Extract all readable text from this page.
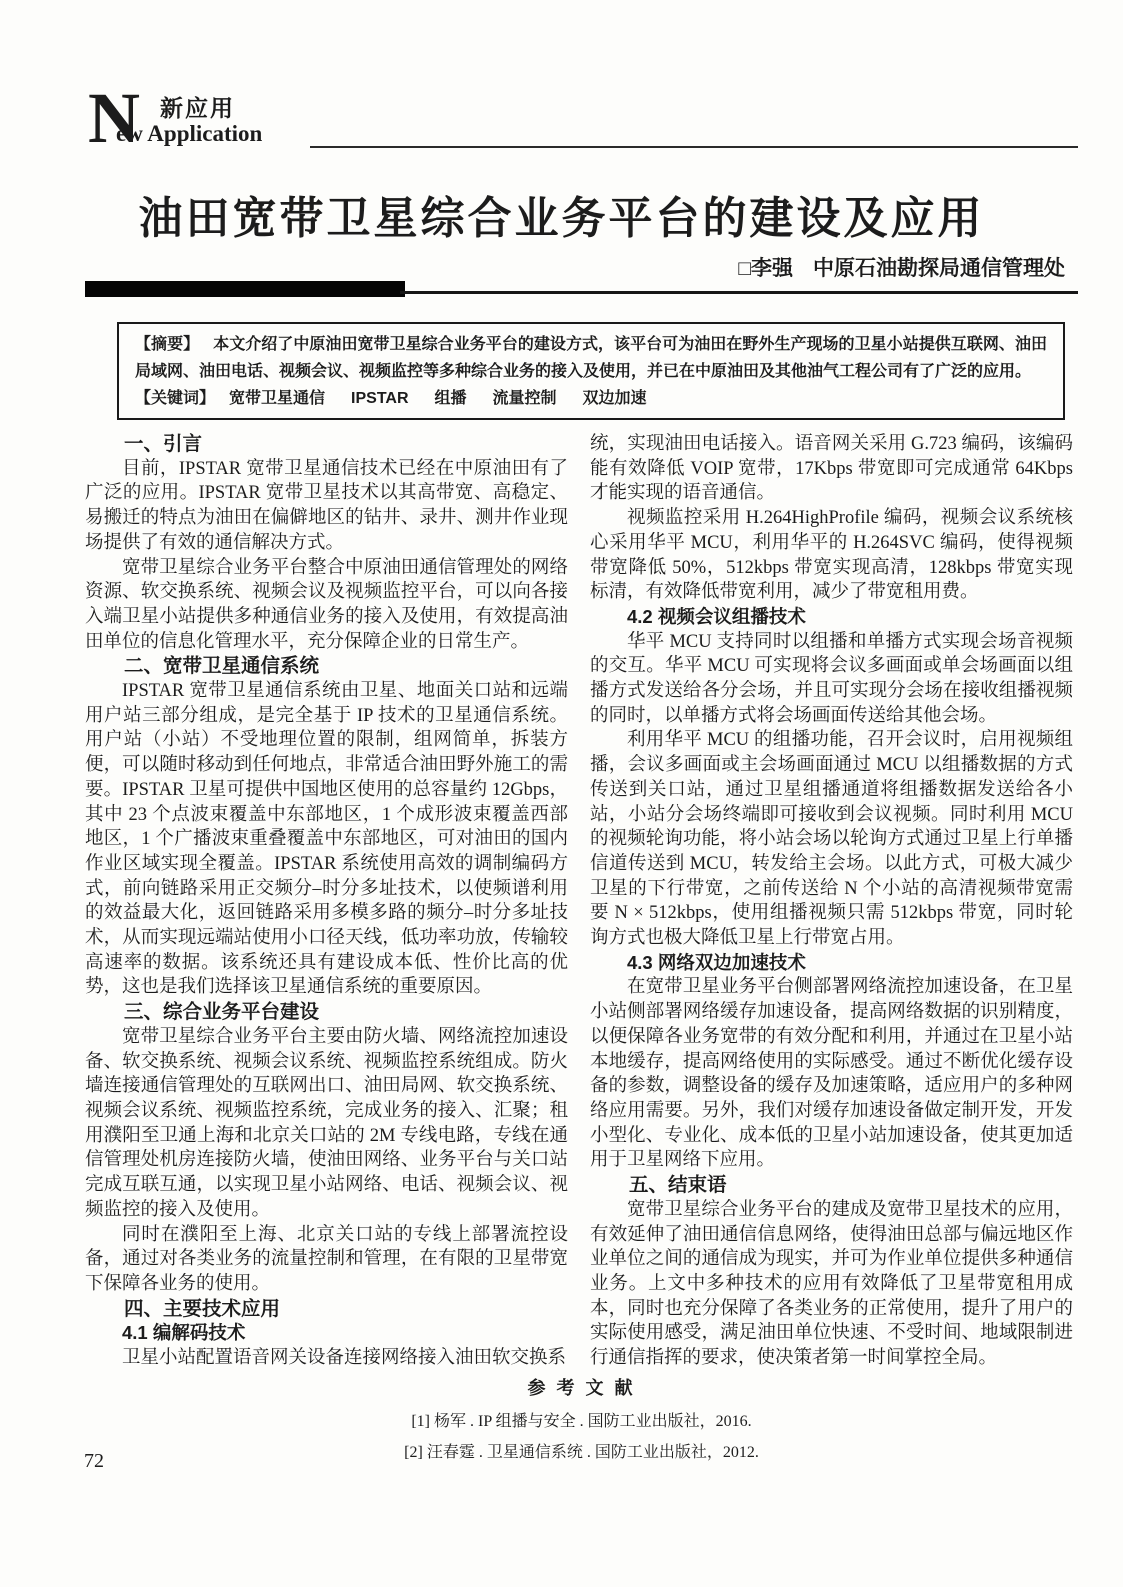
N 新应用
ew Application
油田宽带卫星综合业务平台的建设及应用
□李强 中原石油勘探局通信管理处
【摘要】 本文介绍了中原油田宽带卫星综合业务平台的建设方式，该平台可为油田在野外生产现场的卫星小站提供互联网、油田局域网、油田电话、视频会议、视频监控等多种综合业务的接入及使用，并已在中原油田及其他油气工程公司有了广泛的应用。
【关键词】 宽带卫星通信 IPSTAR 组播 流量控制 双边加速
一、引言

目前，IPSTAR 宽带卫星通信技术已经在中原油田有了广泛的应用。IPSTAR 宽带卫星技术以其高带宽、高稳定、易搬迁的特点为油田在偏僻地区的钻井、录井、测井作业现场提供了有效的通信解决方式。

宽带卫星综合业务平台整合中原油田通信管理处的网络资源、软交换系统、视频会议及视频监控平台，可以向各接入端卫星小站提供多种通信业务的接入及使用，有效提高油田单位的信息化管理水平，充分保障企业的日常生产。

二、宽带卫星通信系统

IPSTAR 宽带卫星通信系统由卫星、地面关口站和远端用户站三部分组成，是完全基于 IP 技术的卫星通信系统。用户站（小站）不受地理位置的限制，组网简单，拆装方便，可以随时移动到任何地点，非常适合油田野外施工的需要。IPSTAR 卫星可提供中国地区使用的总容量约 12Gbps，其中 23 个点波束覆盖中东部地区，1 个成形波束覆盖西部地区，1 个广播波束重叠覆盖中东部地区，可对油田的国内作业区域实现全覆盖。IPSTAR 系统使用高效的调制编码方式，前向链路采用正交频分–时分多址技术，以使频谱利用的效益最大化，返回链路采用多模多路的频分–时分多址技术，从而实现远端站使用小口径天线，低功率功放，传输较高速率的数据。该系统还具有建设成本低、性价比高的优势，这也是我们选择该卫星通信系统的重要原因。

三、综合业务平台建设

宽带卫星综合业务平台主要由防火墙、网络流控加速设备、软交换系统、视频会议系统、视频监控系统组成。防火墙连接通信管理处的互联网出口、油田局网、软交换系统、视频会议系统、视频监控系统，完成业务的接入、汇聚；租用濮阳至卫通上海和北京关口站的 2M 专线电路，专线在通信管理处机房连接防火墙，使油田网络、业务平台与关口站完成互联互通，以实现卫星小站网络、电话、视频会议、视频监控的接入及使用。

同时在濮阳至上海、北京关口站的专线上部署流控设备，通过对各类业务的流量控制和管理，在有限的卫星带宽下保障各业务的使用。

四、主要技术应用
4.1 编解码技术

卫星小站配置语音网关设备连接网络接入油田软交换系

统，实现油田电话接入。语音网关采用 G.723 编码，该编码能有效降低 VOIP 宽带，17Kbps 带宽即可完成通常 64Kbps 才能实现的语音通信。

视频监控采用 H.264HighProfile 编码，视频会议系统核心采用华平 MCU，利用华平的 H.264SVC 编码，使得视频带宽降低 50%，512kbps 带宽实现高清，128kbps 带宽实现标清，有效降低带宽利用，减少了带宽租用费。

4.2 视频会议组播技术

华平 MCU 支持同时以组播和单播方式实现会场音视频的交互。华平 MCU 可实现将会议多画面或单会场画面以组播方式发送给各分会场，并且可实现分会场在接收组播视频的同时，以单播方式将会场画面传送给其他会场。

利用华平 MCU 的组播功能，召开会议时，启用视频组播，会议多画面或主会场画面通过 MCU 以组播数据的方式传送到关口站，通过卫星组播通道将组播数据发送给各小站，小站分会场终端即可接收到会议视频。同时利用 MCU 的视频轮询功能，将小站会场以轮询方式通过卫星上行单播信道传送到 MCU，转发给主会场。以此方式，可极大减少卫星的下行带宽，之前传送给 N 个小站的高清视频带宽需要 N × 512kbps，使用组播视频只需 512kbps 带宽，同时轮询方式也极大降低卫星上行带宽占用。

4.3 网络双边加速技术

在宽带卫星业务平台侧部署网络流控加速设备，在卫星小站侧部署网络缓存加速设备，提高网络数据的识别精度，以便保障各业务宽带的有效分配和利用，并通过在卫星小站本地缓存，提高网络使用的实际感受。通过不断优化缓存设备的参数，调整设备的缓存及加速策略，适应用户的多种网络应用需要。另外，我们对缓存加速设备做定制开发，开发小型化、专业化、成本低的卫星小站加速设备，使其更加适用于卫星网络下应用。

五、结束语

宽带卫星综合业务平台的建成及宽带卫星技术的应用，有效延伸了油田通信信息网络，使得油田总部与偏远地区作业单位之间的通信成为现实，并可为作业单位提供多种通信业务。上文中多种技术的应用有效降低了卫星带宽租用成本，同时也充分保障了各类业务的正常使用，提升了用户的实际使用感受，满足油田单位快速、不受时间、地域限制进行通信指挥的要求，使决策者第一时间掌控全局。

参 考 文 献

[1] 杨军 . IP 组播与安全 . 国防工业出版社，2016.

[2] 汪春霆 . 卫星通信系统 . 国防工业出版社，2012.

72
